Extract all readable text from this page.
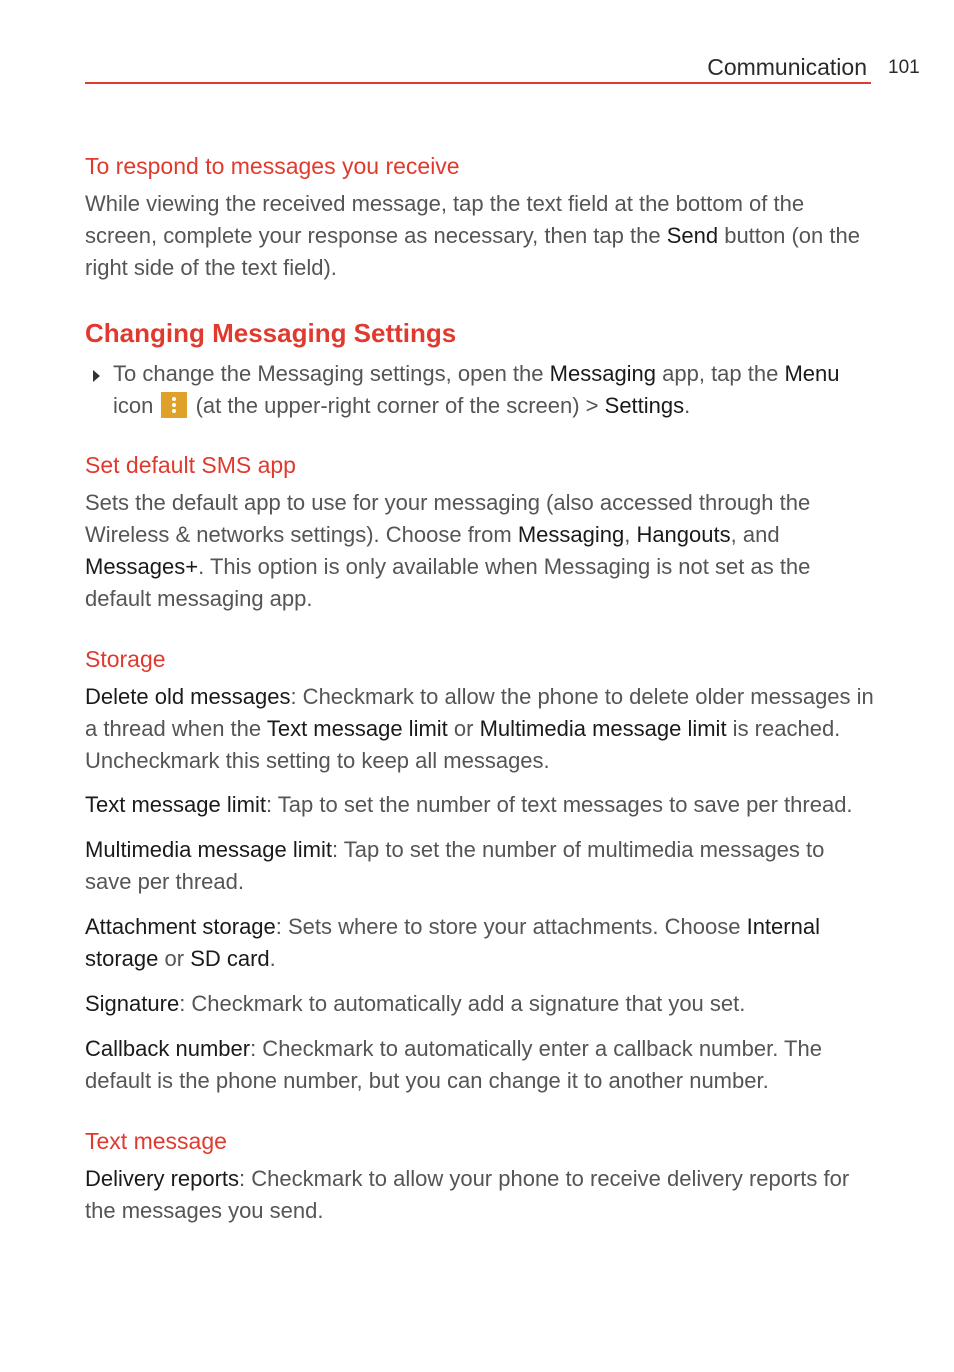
Communication 101
To respond to messages you receive

While viewing the received message, tap the text field at the bottom of the screen, complete your response as necessary, then tap the Send button (on the right side of the text field).

Changing Messaging Settings

To change the Messaging settings, open the Messaging app, tap the Menu icon
(at the upper-right corner of the screen) > Settings.

Set default SMS app

Sets the default app to use for your messaging (also accessed through the Wireless & networks settings). Choose from Messaging, Hangouts, and Messages+. This option is only available when Messaging is not set as the default messaging app.

Storage

Delete old messages: Checkmark to allow the phone to delete older messages in a thread when the Text message limit or Multimedia message limit is reached. Uncheckmark this setting to keep all messages.

Text message limit: Tap to set the number of text messages to save per thread.

Multimedia message limit: Tap to set the number of multimedia messages to save per thread.

Attachment storage: Sets where to store your attachments. Choose Internal storage or SD card.

Signature: Checkmark to automatically add a signature that you set.

Callback number: Checkmark to automatically enter a callback number. The default is the phone number, but you can change it to another number.

Text message

Delivery reports: Checkmark to allow your phone to receive delivery reports for the messages you send.
